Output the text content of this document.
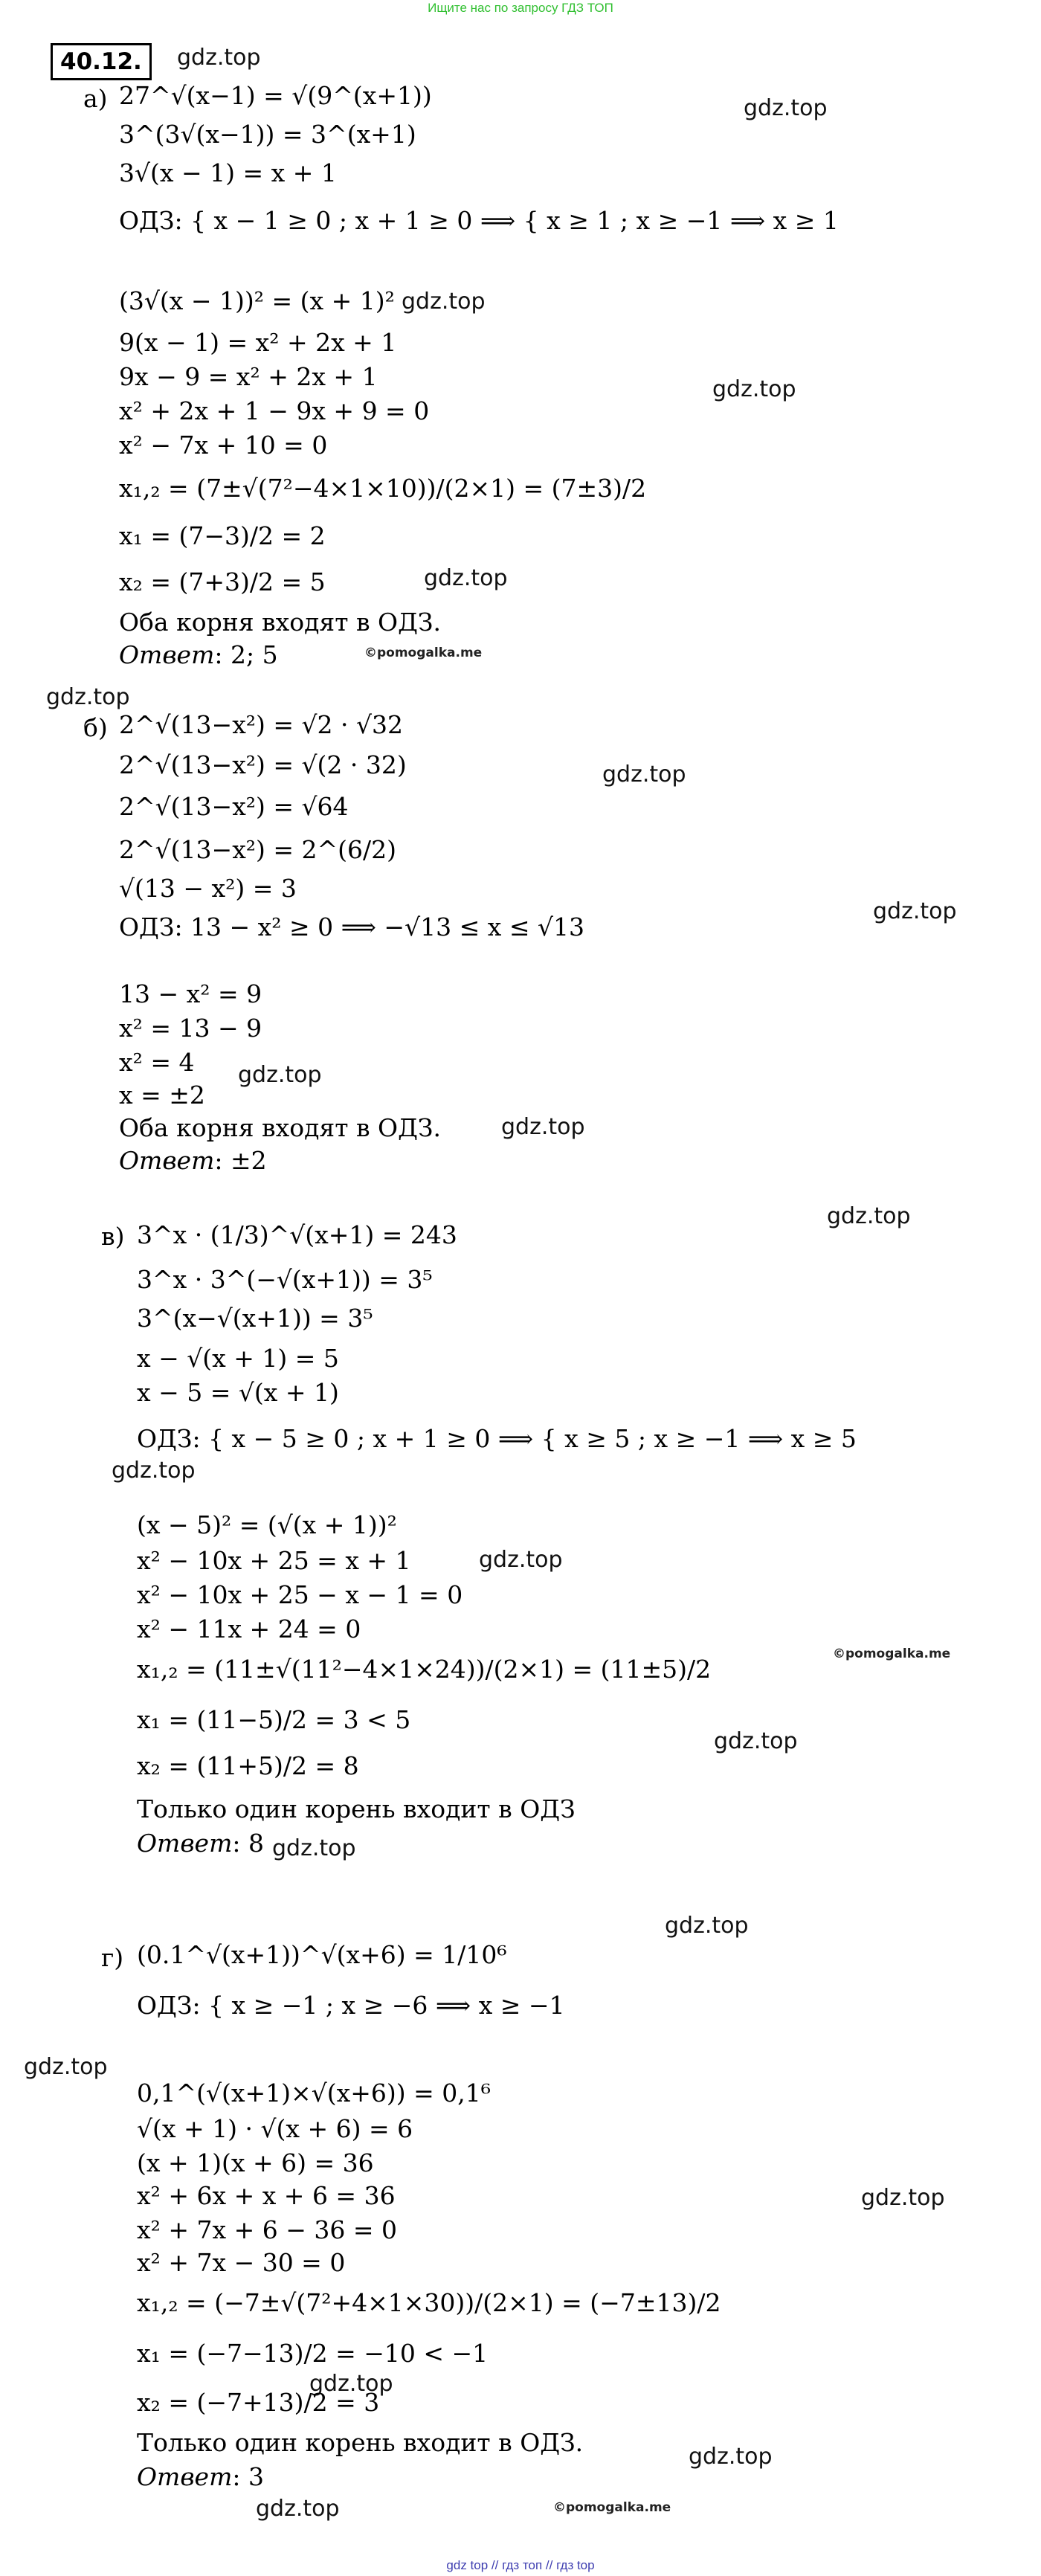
Ищите нас по запросу ГДЗ ТОП
40.12.	gdz.top
gdz.top
gdz.top
gdz.top
gdz.top
©pomogalka.me
gdz.top
gdz.top
gdz.top
gdz.top
gdz.top
gdz.top
gdz.top
gdz.top
©pomogalka.me
gdz.top
gdz.top
gdz.top
gdz.top
gdz.top
gdz.top
gdz.top
gdz.top	©pomogalka.me
а) 27^√(x−1) = √(9^(x+1))
3^(3√(x−1)) = 3^(x+1)
3√(x − 1) = x + 1
ОДЗ: { x − 1 ≥ 0 ; x + 1 ≥ 0 ⟹ { x ≥ 1 ; x ≥ −1 ⟹ x ≥ 1
(3√(x − 1))² = (x + 1)²
9(x − 1) = x² + 2x + 1
9x − 9 = x² + 2x + 1
x² + 2x + 1 − 9x + 9 = 0
x² − 7x + 10 = 0
x₁,₂ = (7±√(7²−4×1×10))/(2×1) = (7±3)/2
x₁ = (7−3)/2 = 2
x₂ = (7+3)/2 = 5
Оба корня входят в ОДЗ.
Ответ: 2; 5
б) 2^√(13−x²) = √2 · √32
2^√(13−x²) = √(2 · 32)
2^√(13−x²) = √64
2^√(13−x²) = 2^(6/2)
√(13 − x²) = 3
ОДЗ: 13 − x² ≥ 0 ⟹ −√13 ≤ x ≤ √13
13 − x² = 9
x² = 13 − 9
x² = 4
x = ±2
Оба корня входят в ОДЗ.
Ответ: ±2
в) 3^x · (1/3)^√(x+1) = 243
3^x · 3^(−√(x+1)) = 3⁵
3^(x−√(x+1)) = 3⁵
x − √(x + 1) = 5
x − 5 = √(x + 1)
ОДЗ: { x − 5 ≥ 0 ; x + 1 ≥ 0 ⟹ { x ≥ 5 ; x ≥ −1 ⟹ x ≥ 5
(x − 5)² = (√(x + 1))²
x² − 10x + 25 = x + 1
x² − 10x + 25 − x − 1 = 0
x² − 11x + 24 = 0
x₁,₂ = (11±√(11²−4×1×24))/(2×1) = (11±5)/2
x₁ = (11−5)/2 = 3 < 5
x₂ = (11+5)/2 = 8
Только один корень входит в ОДЗ
Ответ: 8
г) (0.1^√(x+1))^√(x+6) = 1/10⁶
ОДЗ: { x ≥ −1 ; x ≥ −6 ⟹ x ≥ −1
0,1^(√(x+1)×√(x+6)) = 0,1⁶
√(x + 1) · √(x + 6) = 6
(x + 1)(x + 6) = 36
x² + 6x + x + 6 = 36
x² + 7x + 6 − 36 = 0
x² + 7x − 30 = 0
x₁,₂ = (−7±√(7²+4×1×30))/(2×1) = (−7±13)/2
x₁ = (−7−13)/2 = −10 < −1
x₂ = (−7+13)/2 = 3
Только один корень входит в ОДЗ.
Ответ: 3
gdz top // гдз топ // гдз top
